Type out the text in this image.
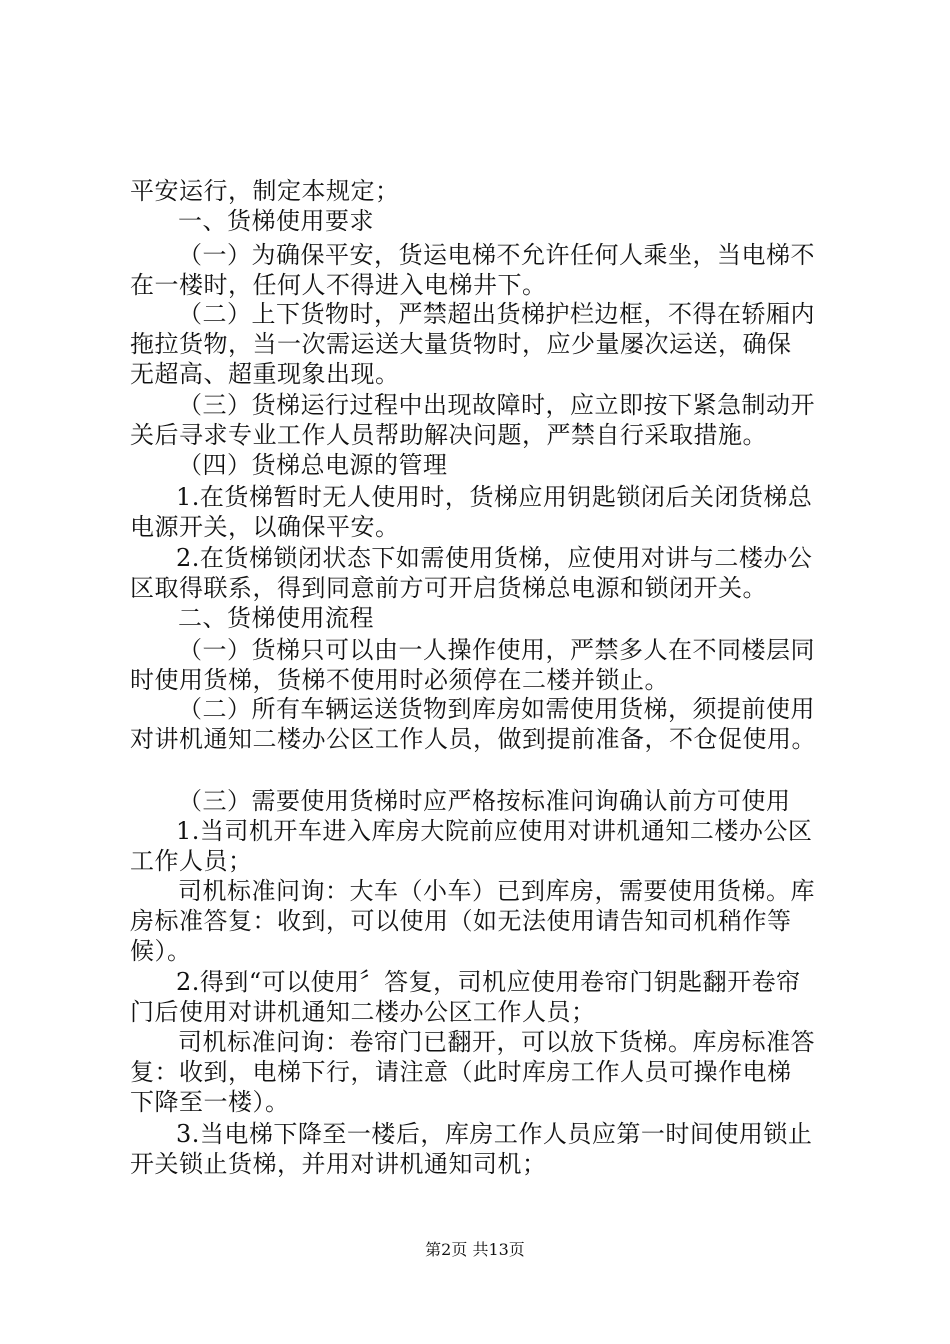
平安运行，制定本规定；
一、货梯使用要求
（一）为确保平安，货运电梯不允许任何人乘坐，当电梯不
在一楼时，任何人不得进入电梯井下。
（二）上下货物时，严禁超出货梯护栏边框，不得在轿厢内
拖拉货物，当一次需运送大量货物时，应少量屡次运送，确保
无超高、超重现象出现。
（三）货梯运行过程中出现故障时，应立即按下紧急制动开
关后寻求专业工作人员帮助解决问题，严禁自行采取措施。
（四）货梯总电源的管理
1.在货梯暂时无人使用时，货梯应用钥匙锁闭后关闭货梯总
电源开关，以确保平安。
2.在货梯锁闭状态下如需使用货梯，应使用对讲与二楼办公
区取得联系，得到同意前方可开启货梯总电源和锁闭开关。
二、货梯使用流程
（一）货梯只可以由一人操作使用，严禁多人在不同楼层同
时使用货梯，货梯不使用时必须停在二楼并锁止。
（二）所有车辆运送货物到库房如需使用货梯，须提前使用
对讲机通知二楼办公区工作人员，做到提前准备，不仓促使用。
（三）需要使用货梯时应严格按标准问询确认前方可使用
1.当司机开车进入库房大院前应使用对讲机通知二楼办公区
工作人员；
司机标准问询：大车（小车）已到库房，需要使用货梯。库
房标准答复：收到，可以使用（如无法使用请告知司机稍作等
候）。
2.得到“可以使用〞答复，司机应使用卷帘门钥匙翻开卷帘
门后使用对讲机通知二楼办公区工作人员；
司机标准问询：卷帘门已翻开，可以放下货梯。库房标准答
复：收到，电梯下行，请注意（此时库房工作人员可操作电梯
下降至一楼）。
3.当电梯下降至一楼后，库房工作人员应第一时间使用锁止
开关锁止货梯，并用对讲机通知司机；
第2页 共13页
